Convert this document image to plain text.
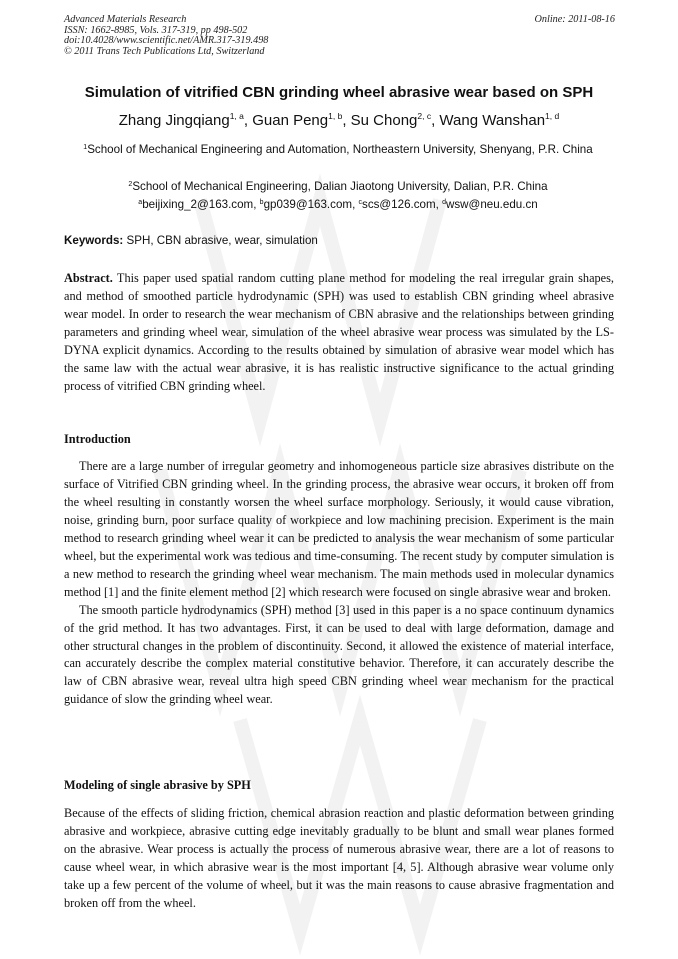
Advanced Materials Research
ISSN: 1662-8985, Vols. 317-319, pp 498-502
doi:10.4028/www.scientific.net/AMR.317-319.498
© 2011 Trans Tech Publications Ltd, Switzerland
Online: 2011-08-16
Simulation of vitrified CBN grinding wheel abrasive wear based on SPH
Zhang Jingqiang$^{1, a}$, Guan Peng$^{1, b}$, Su Chong$^{2, c}$, Wang Wanshan$^{1, d}$
$^1$School of Mechanical Engineering and Automation, Northeastern University, Shenyang, P.R. China
$^2$School of Mechanical Engineering, Dalian Jiaotong University, Dalian, P.R. China
$^a$beijixing_2@163.com, $^b$gp039@163.com, $^c$scs@126.com, $^d$wsw@neu.edu.cn
Keywords: SPH, CBN abrasive, wear, simulation
Abstract. This paper used spatial random cutting plane method for modeling the real irregular grain shapes, and method of smoothed particle hydrodynamic (SPH) was used to establish CBN grinding wheel abrasive wear model. In order to research the wear mechanism of CBN abrasive and the relationships between grinding parameters and grinding wheel wear, simulation of the wheel abrasive wear process was simulated by the LS-DYNA explicit dynamics. According to the results obtained by simulation of abrasive wear model which has the same law with the actual wear abrasive, it is has realistic instructive significance to the actual grinding process of vitrified CBN grinding wheel.
Introduction

There are a large number of irregular geometry and inhomogeneous particle size abrasives distribute on the surface of Vitrified CBN grinding wheel. In the grinding process, the abrasive wear occurs, it broken off from the wheel resulting in constantly worsen the wheel surface morphology. Seriously, it would cause vibration, noise, grinding burn, poor surface quality of workpiece and low machining precision. Experiment is the main method to research grinding wheel wear it can be predicted to analysis the wear mechanism of some particular wheel, but the experimental work was tedious and time-consuming. The recent study by computer simulation is a new method to research the grinding wheel wear mechanism. The main methods used in molecular dynamics method [1] and the finite element method [2] which research were focused on single abrasive wear and broken.

The smooth particle hydrodynamics (SPH) method [3] used in this paper is a no space continuum dynamics of the grid method. It has two advantages. First, it can be used to deal with large deformation, damage and other structural changes in the problem of discontinuity. Second, it allowed the existence of material interface, can accurately describe the complex material constitutive behavior. Therefore, it can accurately describe the law of CBN abrasive wear, reveal ultra high speed CBN grinding wheel wear mechanism for the practical guidance of slow the grinding wheel wear.

Modeling of single abrasive by SPH
Because of the effects of sliding friction, chemical abrasion reaction and plastic deformation between grinding abrasive and workpiece, abrasive cutting edge inevitably gradually to be blunt and small wear planes formed on the abrasive. Wear process is actually the process of numerous abrasive wear, there are a lot of reasons to cause wheel wear, in which abrasive wear is the most important [4, 5]. Although abrasive wear volume only take up a few percent of the volume of wheel, but it was the main reasons to cause abrasive fragmentation and broken off from the wheel.
